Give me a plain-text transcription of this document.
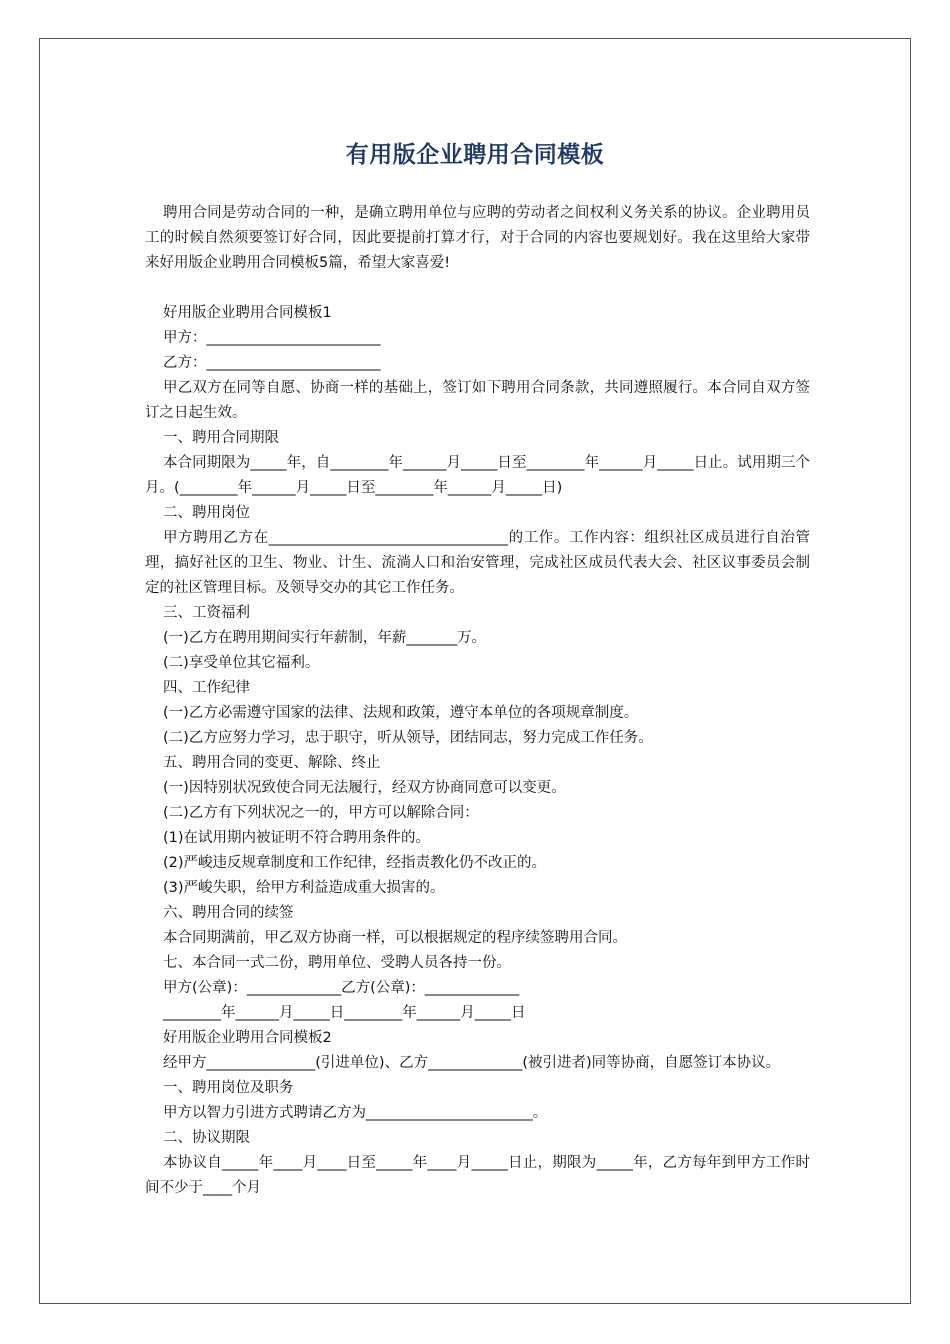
有用版企业聘用合同模板

聘用合同是劳动合同的一种，是确立聘用单位与应聘的劳动者之间权利义务关系的协议。企业聘用员工的时候自然须要签订好合同，因此要提前打算才行，对于合同的内容也要规划好。我在这里给大家带来好用版企业聘用合同模板5篇，希望大家喜爱!

好用版企业聘用合同模板1

甲方：________________________

乙方：________________________

甲乙双方在同等自愿、协商一样的基础上，签订如下聘用合同条款，共同遵照履行。本合同自双方签订之日起生效。

一、聘用合同期限

本合同期限为_____年，自________年______月_____日至________年______月_____日止。试用期三个月。(________年______月_____日至________年______月_____日)

二、聘用岗位

甲方聘用乙方在_________________________________的工作。工作内容：组织社区成员进行自治管理，搞好社区的卫生、物业、计生、流淌人口和治安管理，完成社区成员代表大会、社区议事委员会制定的社区管理目标。及领导交办的其它工作任务。

三、工资福利

(一)乙方在聘用期间实行年薪制，年薪_______万。

(二)享受单位其它福利。

四、工作纪律

(一)乙方必需遵守国家的法律、法规和政策，遵守本单位的各项规章制度。

(二)乙方应努力学习，忠于职守，听从领导，团结同志，努力完成工作任务。

五、聘用合同的变更、解除、终止

(一)因特别状况致使合同无法履行，经双方协商同意可以变更。

(二)乙方有下列状况之一的，甲方可以解除合同：

(1)在试用期内被证明不符合聘用条件的。

(2)严峻违反规章制度和工作纪律，经指责教化仍不改正的。

(3)严峻失职，给甲方利益造成重大损害的。

六、聘用合同的续签

本合同期满前，甲乙双方协商一样，可以根据规定的程序续签聘用合同。

七、本合同一式二份，聘用单位、受聘人员各持一份。

甲方(公章)：_____________乙方(公章)：_____________

________年______月_____日________年______月_____日

好用版企业聘用合同模板2

经甲方_______________(引进单位)、乙方_____________(被引进者)同等协商，自愿签订本协议。

一、聘用岗位及职务

甲方以智力引进方式聘请乙方为_______________________。

二、协议期限

本协议自_____年____月____日至_____年____月_____日止，期限为_____年，乙方每年到甲方工作时间不少于____个月
